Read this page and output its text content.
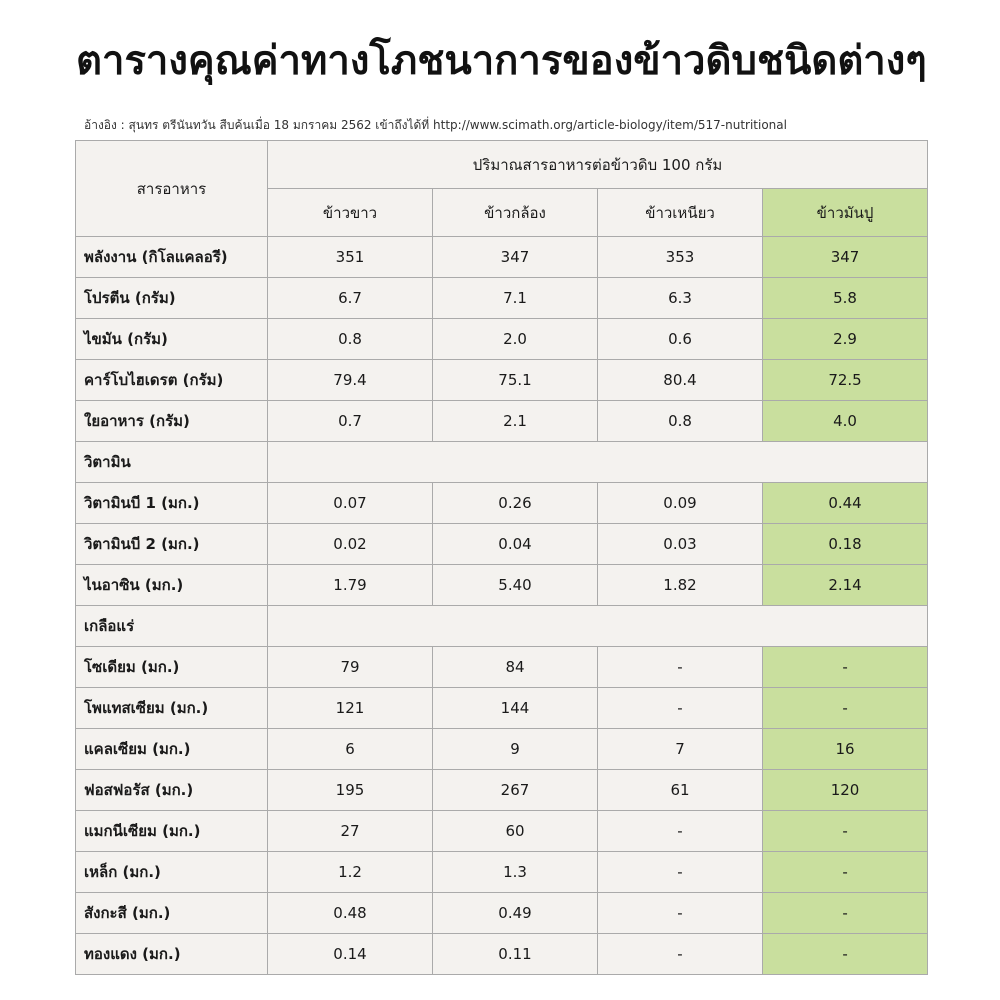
ตารางคุณค่าทางโภชนาการของข้าวดิบชนิดต่างๆ
อ้างอิง : สุนทร ตรีนันทวัน สืบค้นเมื่อ 18 มกราคม 2562 เข้าถึงได้ที่ http://www.scimath.org/article-biology/item/517-nutritional
สารอาหาร	ปริมาณสารอาหารต่อข้าวดิบ 100 กรัม			
	ข้าวขาว	ข้าวกล้อง	ข้าวเหนียว	ข้าวมันปู
พลังงาน (กิโลแคลอรี)	351	347	353	347
โปรตีน (กรัม)	6.7	7.1	6.3	5.8
ไขมัน (กรัม)	0.8	2.0	0.6	2.9
คาร์โบไฮเดรต (กรัม)	79.4	75.1	80.4	72.5
ใยอาหาร (กรัม)	0.7	2.1	0.8	4.0
วิตามิน				
วิตามินบี 1 (มก.)	0.07	0.26	0.09	0.44
วิตามินบี 2 (มก.)	0.02	0.04	0.03	0.18
ไนอาซิน (มก.)	1.79	5.40	1.82	2.14
เกลือแร่				
โซเดียม (มก.)	79	84	-	-
โพแทสเซียม (มก.)	121	144	-	-
แคลเซียม (มก.)	6	9	7	16
ฟอสฟอรัส (มก.)	195	267	61	120
แมกนีเซียม (มก.)	27	60	-	-
เหล็ก (มก.)	1.2	1.3	-	-
สังกะสี (มก.)	0.48	0.49	-	-
ทองแดง (มก.)	0.14	0.11	-	-
